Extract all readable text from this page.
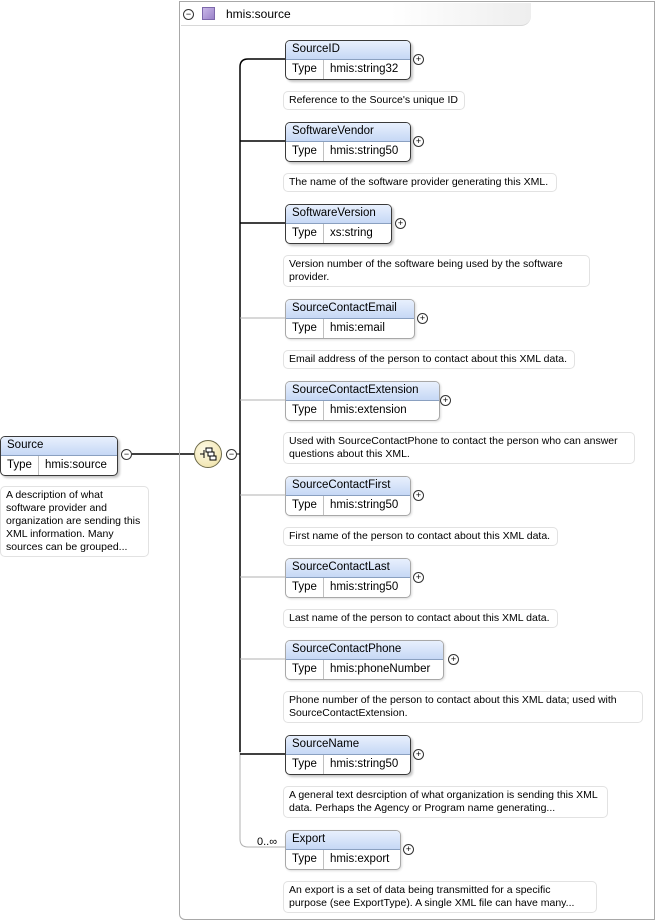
−	hmis:source
Source
Type	hmis:source
−
A description of what software provider and organization are sending this XML information. Many sources can be grouped...
−
SourceID
Type	hmis:string32
+
Reference to the Source's unique ID
SoftwareVendor
Type	hmis:string50
+
The name of the software provider generating this XML.
SoftwareVersion
Type	xs:string
+
Version number of the software being used by the software provider.
SourceContactEmail
Type	hmis:email
+
Email address of the person to contact about this XML data.
SourceContactExtension
Type	hmis:extension
+
Used with SourceContactPhone to contact the person who can answer questions about this XML.
SourceContactFirst
Type	hmis:string50
+
First name of the person to contact about this XML data.
SourceContactLast
Type	hmis:string50
+
Last name of the person to contact about this XML data.
SourceContactPhone
Type	hmis:phoneNumber
+
Phone number of the person to contact about this XML data; used with SourceContactExtension.
SourceName
Type	hmis:string50
+
A general text desrciption of what organization is sending this XML data. Perhaps the Agency or Program name generating...
0..∞	Export
Type	hmis:export
+
An export is a set of data being transmitted for a specific purpose (see ExportType). A single XML file can have many...
